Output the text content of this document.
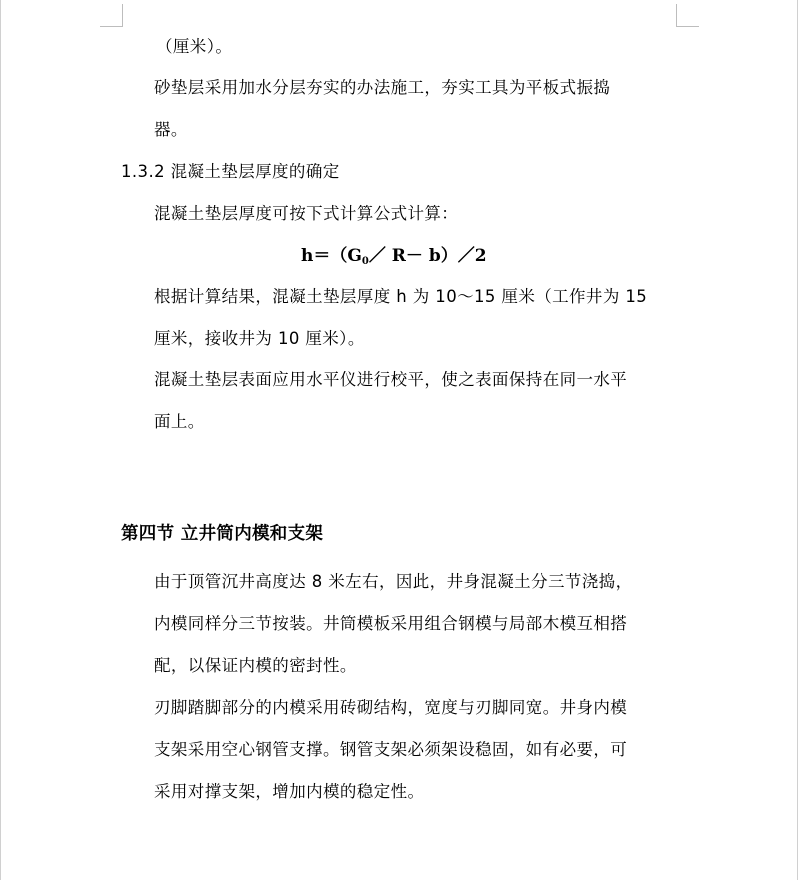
（厘米）。
砂垫层采用加水分层夯实的办法施工，夯实工具为平板式振捣
器。
1.3.2 混凝土垫层厚度的确定
混凝土垫层厚度可按下式计算公式计算：
$h=(G_0/$ R－ b）／2
根据计算结果，混凝土垫层厚度 h 为 10～15 厘米（工作井为 15
厘米，接收井为 10 厘米）。
混凝土垫层表面应用水平仪进行校平，使之表面保持在同一水平
面上。
第四节 立井筒内模和支架
由于顶管沉井高度达 8 米左右，因此，井身混凝土分三节浇捣，
内模同样分三节按装。井筒模板采用组合钢模与局部木模互相搭
配，以保证内模的密封性。
刃脚踏脚部分的内模采用砖砌结构，宽度与刃脚同宽。井身内模
支架采用空心钢管支撑。钢管支架必须架设稳固，如有必要，可
采用对撑支架，增加内模的稳定性。
